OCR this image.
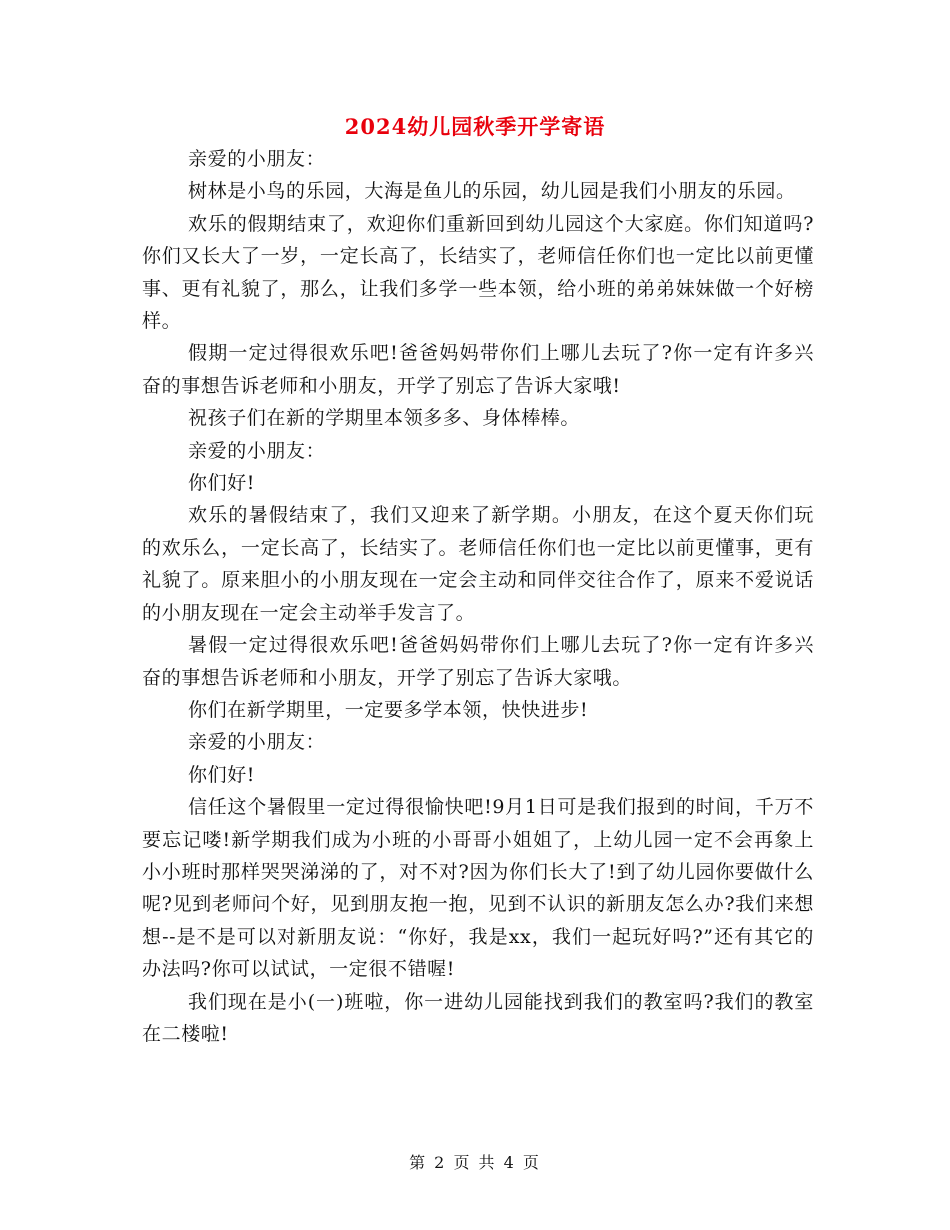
2024幼儿园秋季开学寄语

亲爱的小朋友：

树林是小鸟的乐园，大海是鱼儿的乐园，幼儿园是我们小朋友的乐园。

欢乐的假期结束了，欢迎你们重新回到幼儿园这个大家庭。你们知道吗?你们又长大了一岁，一定长高了，长结实了，老师信任你们也一定比以前更懂事、更有礼貌了，那么，让我们多学一些本领，给小班的弟弟妹妹做一个好榜样。

假期一定过得很欢乐吧!爸爸妈妈带你们上哪儿去玩了?你一定有许多兴奋的事想告诉老师和小朋友，开学了别忘了告诉大家哦!

祝孩子们在新的学期里本领多多、身体棒棒。

亲爱的小朋友：

你们好!

欢乐的暑假结束了，我们又迎来了新学期。小朋友，在这个夏天你们玩的欢乐么，一定长高了，长结实了。老师信任你们也一定比以前更懂事，更有礼貌了。原来胆小的小朋友现在一定会主动和同伴交往合作了，原来不爱说话的小朋友现在一定会主动举手发言了。

暑假一定过得很欢乐吧!爸爸妈妈带你们上哪儿去玩了?你一定有许多兴奋的事想告诉老师和小朋友，开学了别忘了告诉大家哦。

你们在新学期里，一定要多学本领，快快进步!

亲爱的小朋友：

你们好!

信任这个暑假里一定过得很愉快吧!9月1日可是我们报到的时间，千万不要忘记喽!新学期我们成为小班的小哥哥小姐姐了，上幼儿园一定不会再象上小小班时那样哭哭涕涕的了，对不对?因为你们长大了!到了幼儿园你要做什么呢?见到老师问个好，见到朋友抱一抱，见到不认识的新朋友怎么办?我们来想想--是不是可以对新朋友说：“你好，我是xx，我们一起玩好吗?”还有其它的办法吗?你可以试试，一定很不错喔!

我们现在是小(一)班啦，你一进幼儿园能找到我们的教室吗?我们的教室在二楼啦!

第 2 页 共 4 页
